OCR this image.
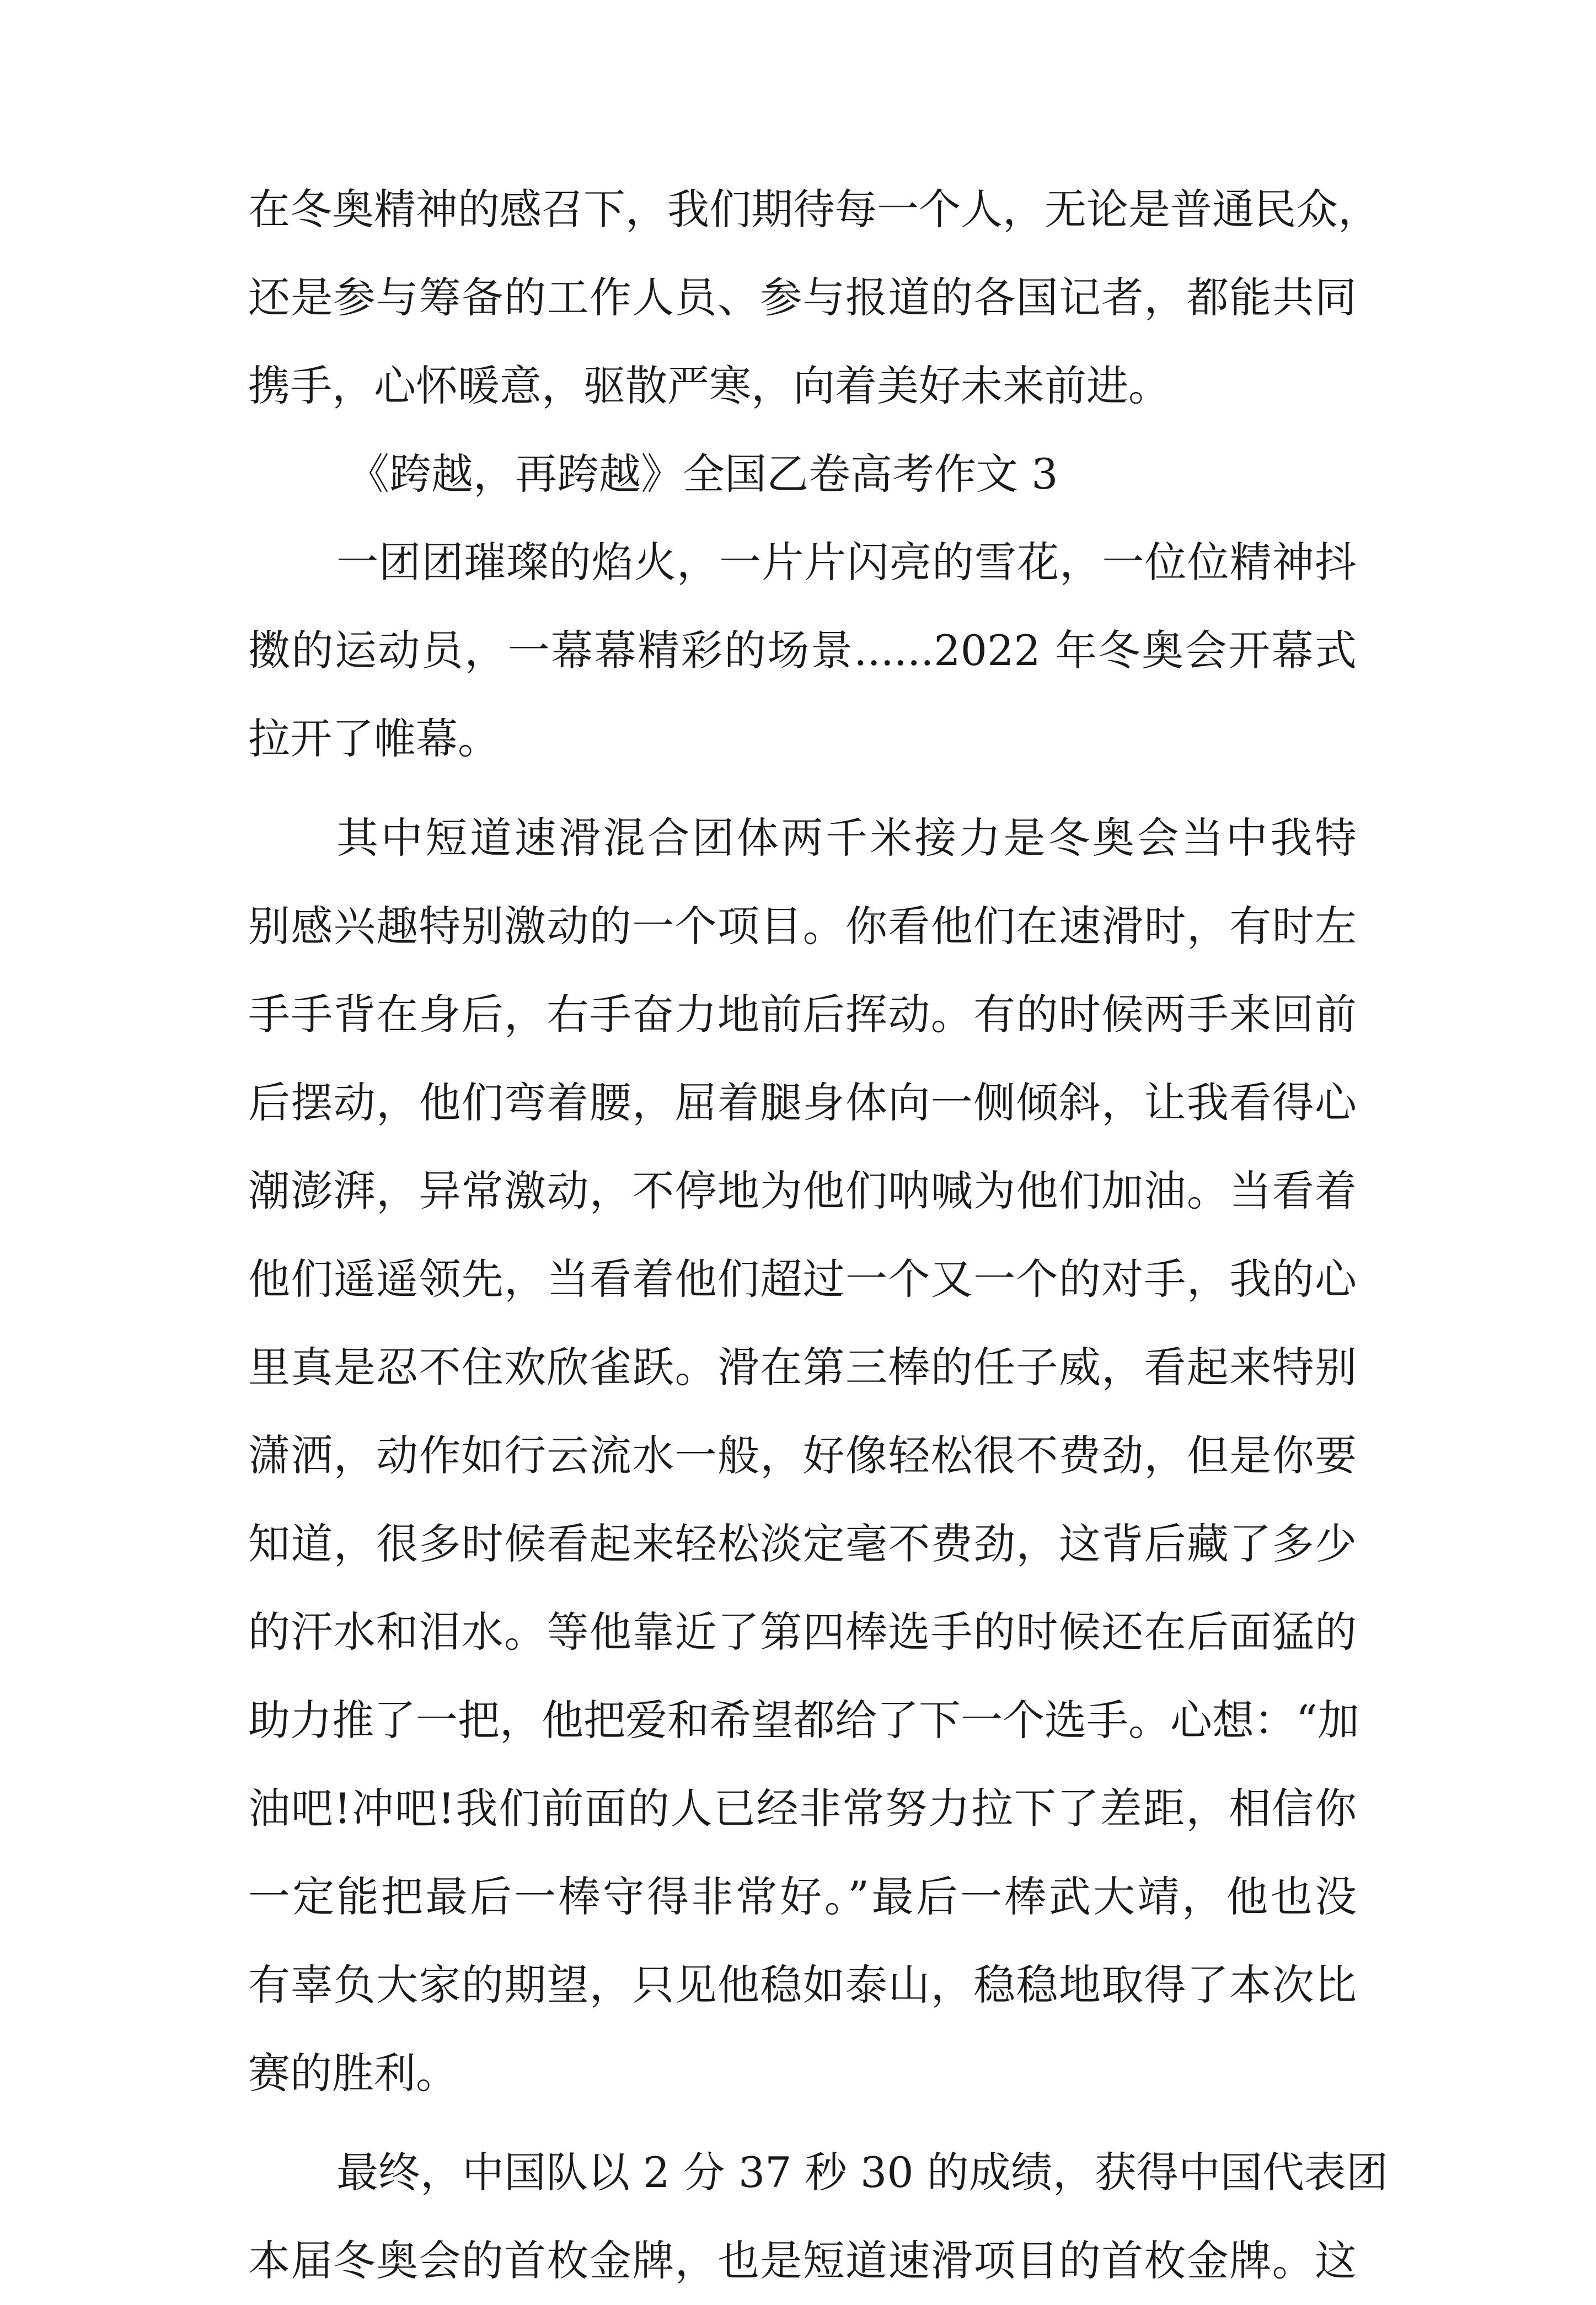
在冬奥精神的感召下，我们期待每一个人，无论是普通民众，
还是参与筹备的工作人员、参与报道的各国记者，都能共同
携手，心怀暖意，驱散严寒，向着美好未来前进。
《跨越，再跨越》全国乙卷高考作文 3
一团团璀璨的焰火，一片片闪亮的雪花，一位位精神抖
擞的运动员，一幕幕精彩的场景......2022 年冬奥会开幕式
拉开了帷幕。
其中短道速滑混合团体两千米接力是冬奥会当中我特
别感兴趣特别激动的一个项目。你看他们在速滑时，有时左
手手背在身后，右手奋力地前后挥动。有的时候两手来回前
后摆动，他们弯着腰，屈着腿身体向一侧倾斜，让我看得心
潮澎湃，异常激动，不停地为他们呐喊为他们加油。当看着
他们遥遥领先，当看着他们超过一个又一个的对手，我的心
里真是忍不住欢欣雀跃。滑在第三棒的任子威，看起来特别
潇洒，动作如行云流水一般，好像轻松很不费劲，但是你要
知道，很多时候看起来轻松淡定毫不费劲，这背后藏了多少
的汗水和泪水。等他靠近了第四棒选手的时候还在后面猛的
助力推了一把，他把爱和希望都给了下一个选手。心想：“加
油吧!冲吧!我们前面的人已经非常努力拉下了差距，相信你
一定能把最后一棒守得非常好。”最后一棒武大靖，他也没
有辜负大家的期望，只见他稳如泰山，稳稳地取得了本次比
赛的胜利。
最终，中国队以 2 分 37 秒 30 的成绩，获得中国代表团
本届冬奥会的首枚金牌，也是短道速滑项目的首枚金牌。这
